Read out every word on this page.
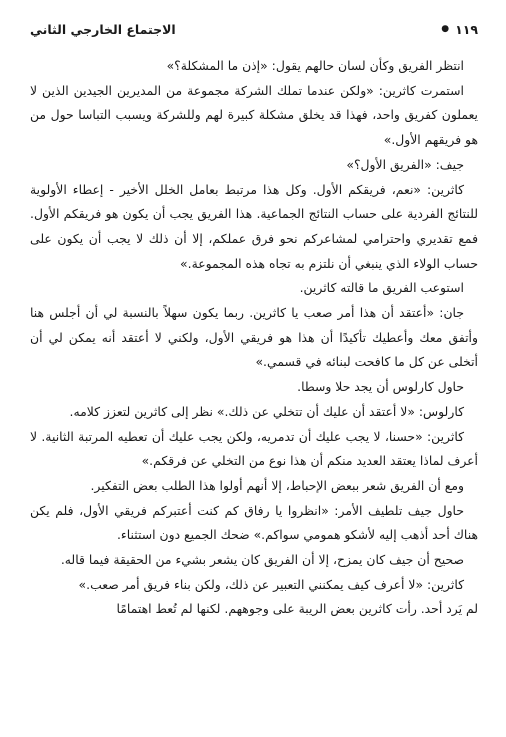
١١٩
●
الاجتماع الخارجي الثاني

انتظر الفريق وكأن لسان حالهم يقول: «إذن ما المشكلة؟»

استمرت كاثرين: «ولكن عندما تملك الشركة مجموعة من المديرين الجيدين الذين لا يعملون كفريق واحد، فهذا قد يخلق مشكلة كبيرة لهم وللشركة ويسبب التباسا حول من هو فريقهم الأول.»

جيف: «الفريق الأول؟»

كاثرين: «نعم، فريقكم الأول. وكل هذا مرتبط بعامل الخلل الأخير - إعطاء الأولوية للنتائج الفردية على حساب النتائج الجماعية. هذا الفريق يجب أن يكون هو فريقكم الأول. فمع تقديري واحترامي لمشاعركم نحو فرق عملكم، إلا أن ذلك لا يجب أن يكون على حساب الولاء الذي ينبغي أن نلتزم به تجاه هذه المجموعة.»

استوعب الفريق ما قالته كاثرين.

جان: «أعتقد أن هذا أمر صعب يا كاثرين. ربما يكون سهلاً بالنسبة لي أن أجلس هنا وأتفق معك وأعطيك تأكيدًا أن هذا هو فريقي الأول، ولكني لا أعتقد أنه يمكن لي أن أتخلى عن كل ما كافحت لبنائه في قسمي.»

حاول كارلوس أن يجد حلا وسطا.

كارلوس: «لا أعتقد أن عليك أن تتخلي عن ذلك.» نظر إلى كاثرين لتعزز كلامه.

كاثرين: «حسنا، لا يجب عليك أن تدمريه، ولكن يجب عليك أن تعطيه المرتبة الثانية. لا أعرف لماذا يعتقد العديد منكم أن هذا نوع من التخلي عن فرقكم.»

ومع أن الفريق شعر ببعض الإحباط، إلا أنهم أولوا هذا الطلب بعض التفكير.

حاول جيف تلطيف الأمر: «انظروا يا رفاق كم كنت أعتبركم فريقي الأول، فلم يكن هناك أحد أذهب إليه لأشكو همومي سواكم.» ضحك الجميع دون استثناء.

صحيح أن جيف كان يمزح، إلا أن الفريق كان يشعر بشيء من الحقيقة فيما قاله.

كاثرين: «لا أعرف كيف يمكنني التعبير عن ذلك، ولكن بناء فريق أمر صعب.»

لم يَرد أحد. رأت كاثرين بعض الريبة على وجوههم. لكنها لم تُعط اهتمامًا
